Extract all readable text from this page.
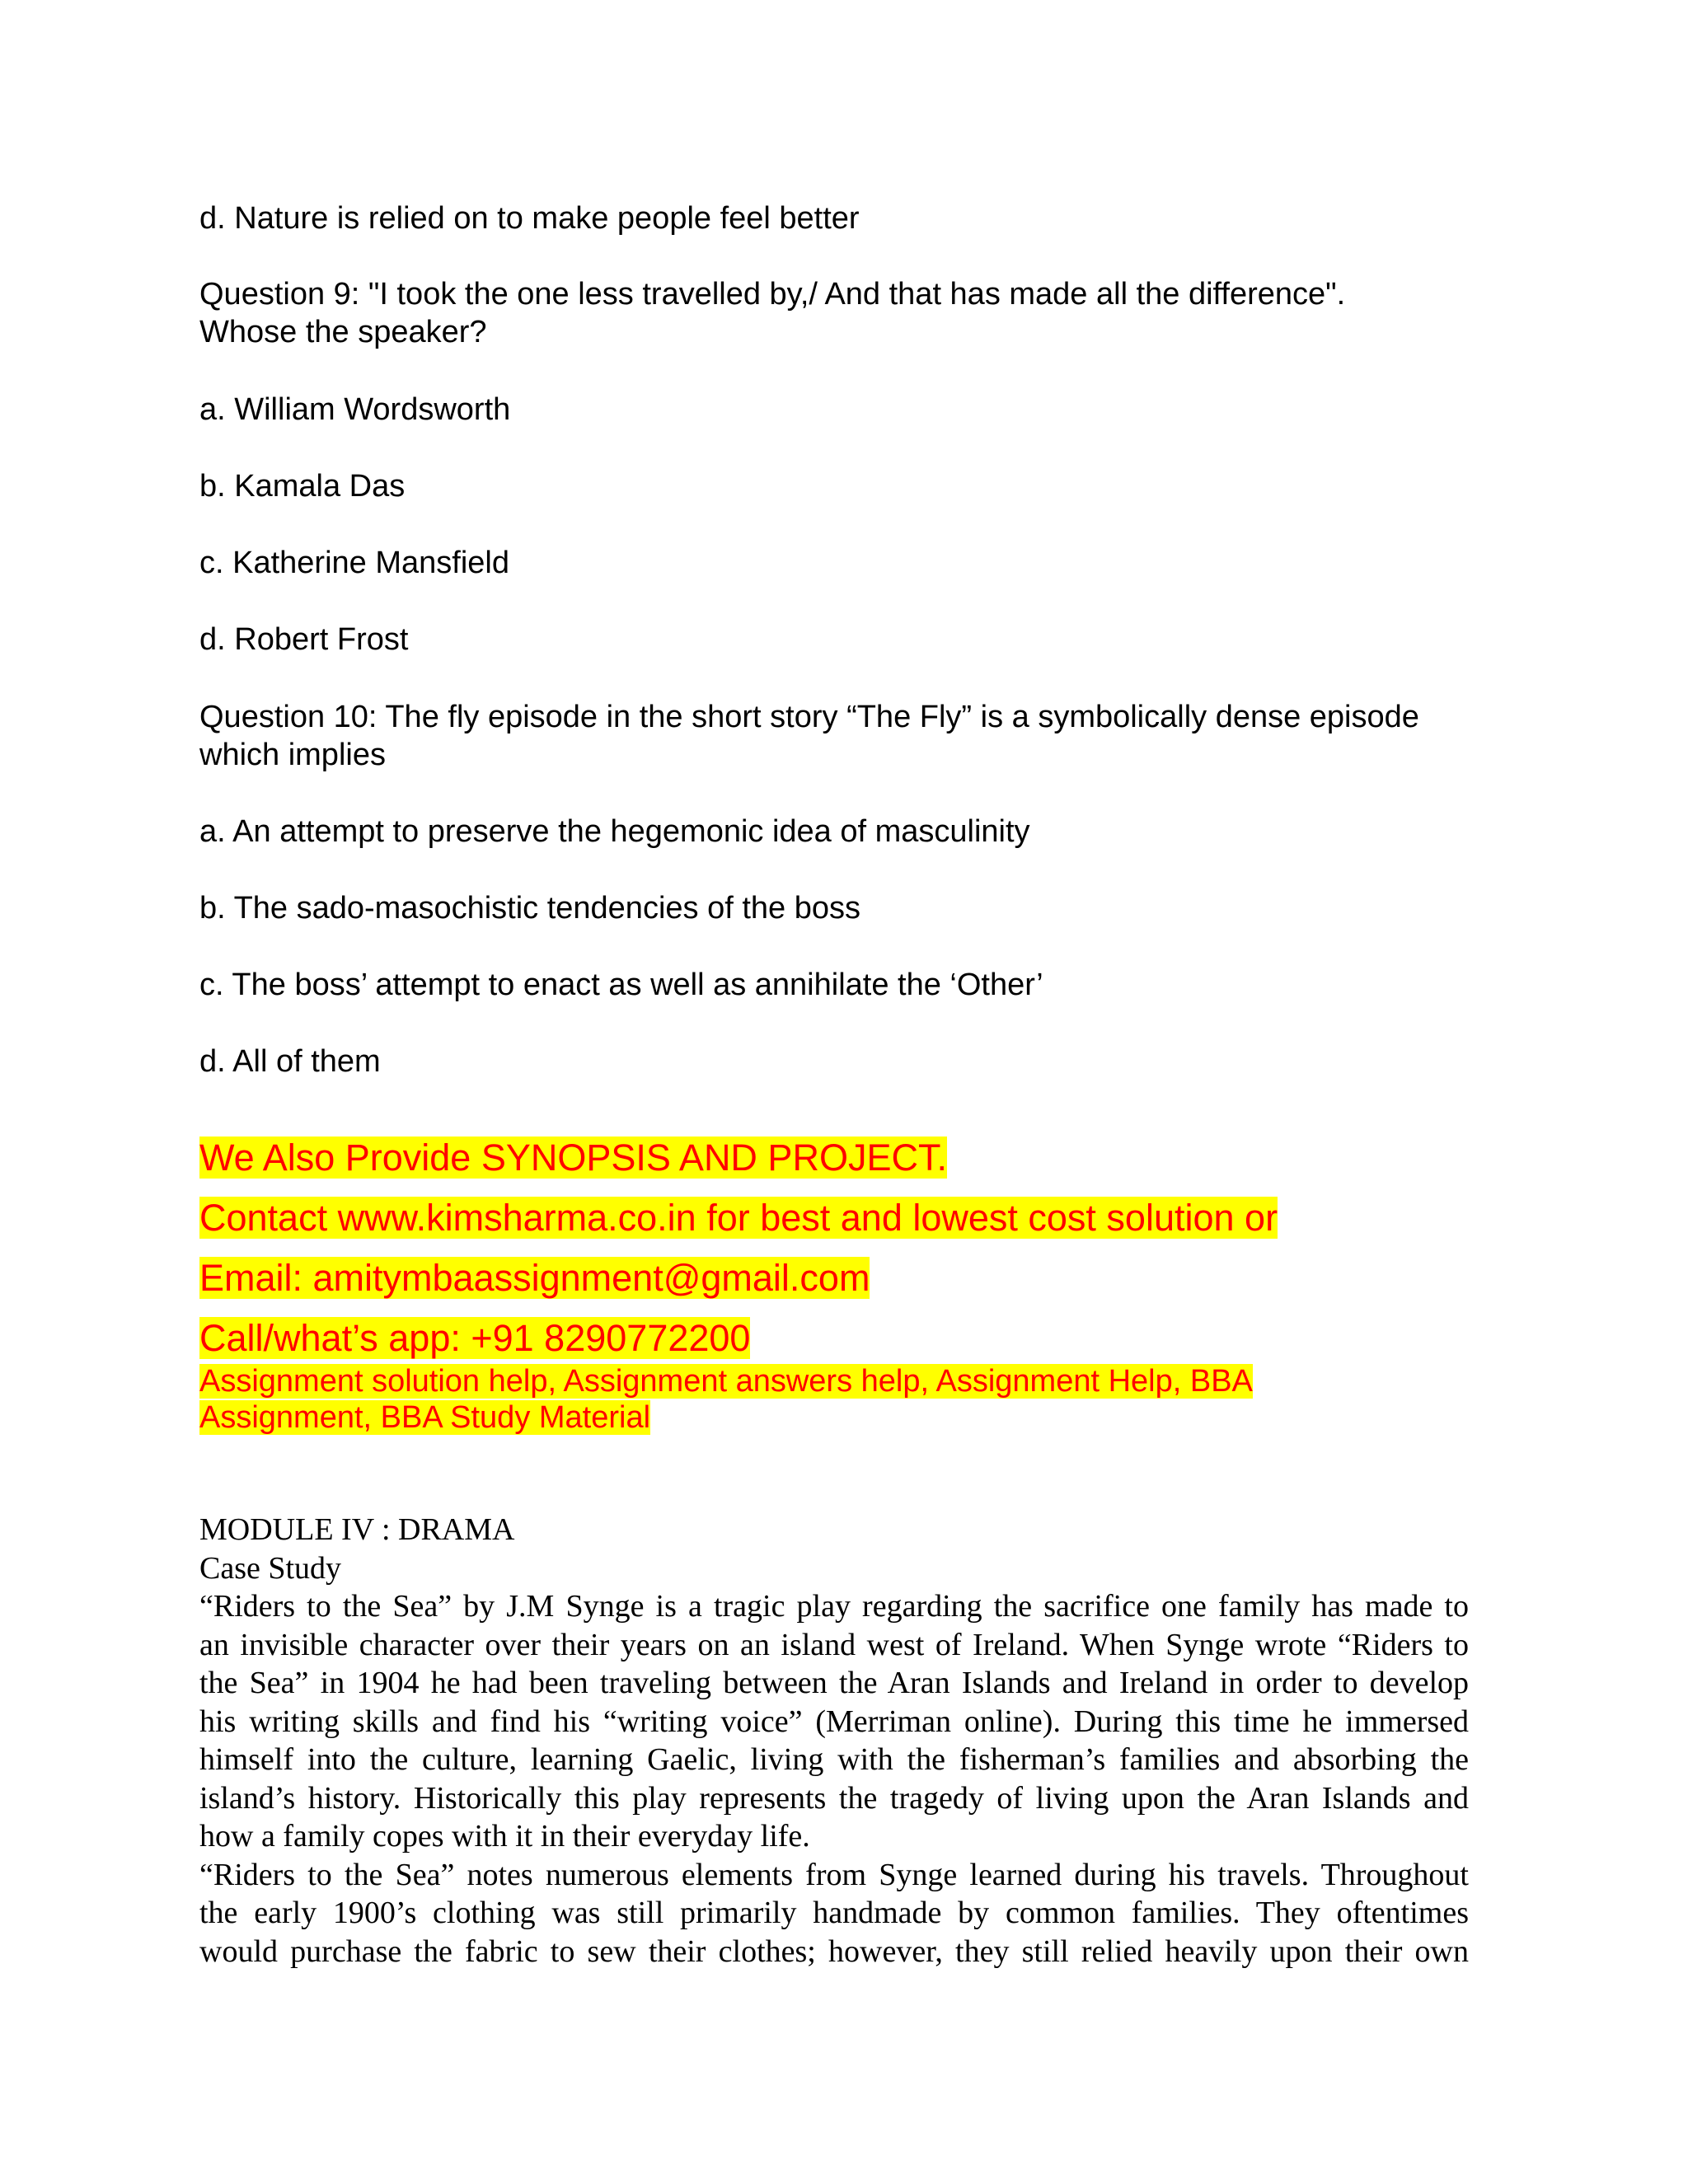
d. Nature is relied on to make people feel better

Question 9: "I took the one less travelled by,/ And that has made all the difference".

Whose the speaker?

a. William Wordsworth

b. Kamala Das

c. Katherine Mansfield

d. Robert Frost

Question 10: The fly episode in the short story “The Fly” is a symbolically dense episode

which implies

a. An attempt to preserve the hegemonic idea of masculinity

b. The sado-masochistic tendencies of the boss

c. The boss’ attempt to enact as well as annihilate the ‘Other’

d. All of them

We Also Provide SYNOPSIS AND PROJECT.

Contact www.kimsharma.co.in for best and lowest cost solution or

Email: amitymbaassignment@gmail.com

Call/what’s app: +91 8290772200

Assignment solution help, Assignment answers help, Assignment Help, BBA

Assignment, BBA Study Material

MODULE IV : DRAMA

Case Study

“Riders to the Sea” by J.M Synge is a tragic play regarding the sacrifice one family has made to
an invisible character over their years on an island west of Ireland. When Synge wrote “Riders to
the Sea” in 1904 he had been traveling between the Aran Islands and Ireland in order to develop
his writing skills and find his “writing voice” (Merriman online). During this time he immersed
himself into the culture, learning Gaelic, living with the fisherman’s families and absorbing the
island’s history. Historically this play represents the tragedy of living upon the Aran Islands and
how a family copes with it in their everyday life.
“Riders to the Sea” notes numerous elements from Synge learned during his travels. Throughout
the early 1900’s clothing was still primarily handmade by common families. They oftentimes
would purchase the fabric to sew their clothes; however, they still relied heavily upon their own
